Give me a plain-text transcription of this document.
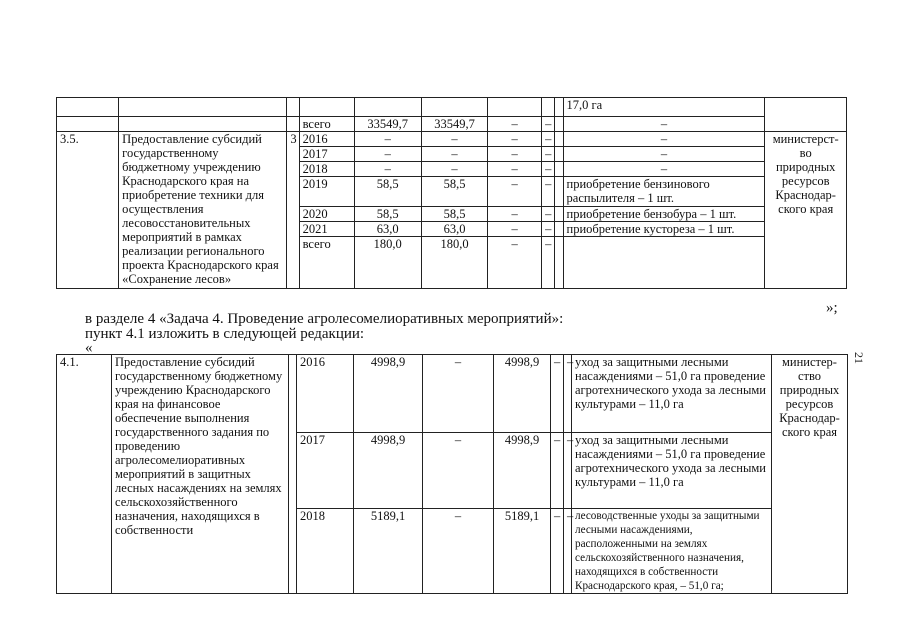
21
									17,0 га	
			всего	33549,7	33549,7	–	–		–	
3.5.	Предоставление субсидий государственному бюджетному учреждению Краснодарского края на приобретение техники для осуществления лесовосстановительных мероприятий в рамках реализации регионального проекта Краснодарского края «Сохранение лесов»	3	2016	–	–	–	–		–	министерст-во природных ресурсов Краснодар-ского края
			2017	–	–	–	–		–	
			2018	–	–	–	–		–	
			2019	58,5	58,5	–	–		приобретение бензинового распылителя – 1 шт.	
			2020	58,5	58,5	–	–		приобретение бензобура – 1 шт.	
			2021	63,0	63,0	–	–		приобретение кустореза – 1 шт.	
			всего	180,0	180,0	–	–			
»;
в разделе 4 «Задача 4. Проведение агролесомелиоративных мероприятий»:
пункт 4.1 изложить в следующей редакции:
«
4.1.	Предоставление субсидий государственному бюджетному учреждению Краснодарского края на финансовое обеспечение выполнения государственного задания по проведению агролесомелиоративных мероприятий в защитных лесных насаждениях на землях сельскохозяйственного назначения, находящихся в собственности		2016	4998,9	–	4998,9	–	–	уход за защитными лесными насаждениями – 51,0 га проведение агротехнического ухода за лесными культурами – 11,0 га	министер-ство природных ресурсов Краснодар-ского края
			2017	4998,9	–	4998,9	–	–	уход за защитными лесными насаждениями – 51,0 га проведение агротехнического ухода за лесными культурами – 11,0 га	
			2018	5189,1	–	5189,1	–	–	лесоводственные уходы за защитными лесными насаждениями, расположенными на землях сельскохозяйственного назначения, находящихся в собственности Краснодарского края, – 51,0 га;	
